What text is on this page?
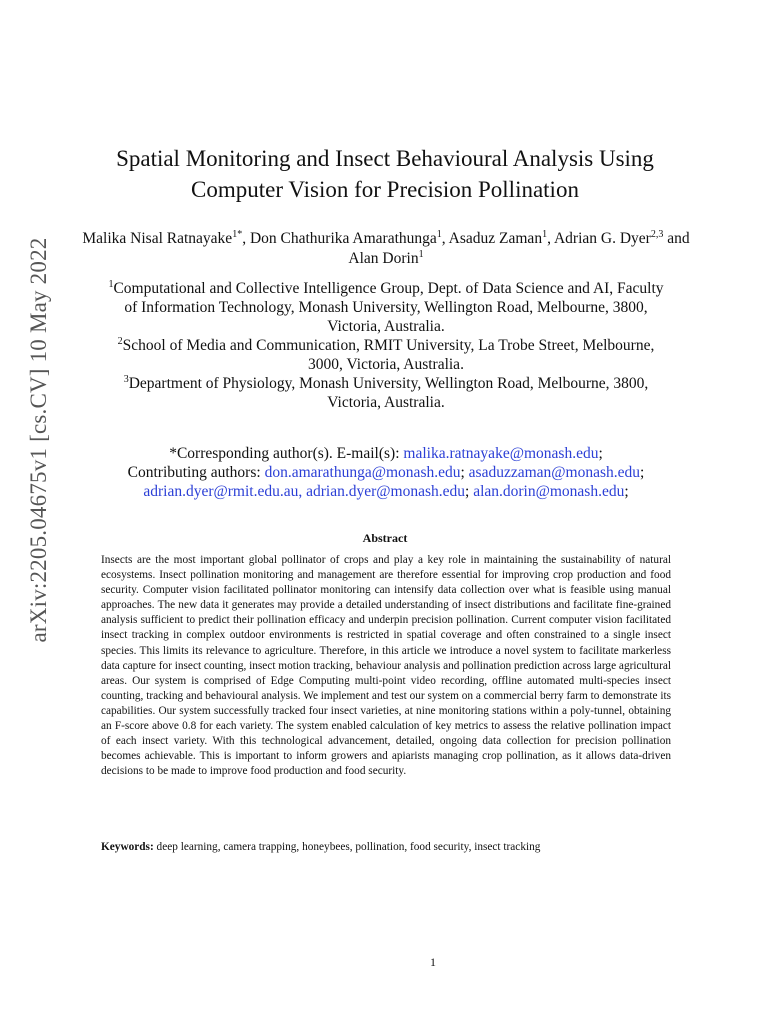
arXiv:2205.04675v1 [cs.CV] 10 May 2022
Spatial Monitoring and Insect Behavioural Analysis Using
Computer Vision for Precision Pollination
Malika Nisal Ratnayake$^{1*}$, Don Chathurika Amarathunga$^1$, Asaduz Zaman$^1$, Adrian G. Dyer$^{2,3}$ and Alan Dorin$^1$
$^1$Computational and Collective Intelligence Group, Dept. of Data Science and AI, Faculty
of Information Technology, Monash University, Wellington Road, Melbourne, 3800,
Victoria, Australia.
$^2$School of Media and Communication, RMIT University, La Trobe Street, Melbourne,
3000, Victoria, Australia.
$^3$Department of Physiology, Monash University, Wellington Road, Melbourne, 3800,
Victoria, Australia.
*Corresponding author(s). E-mail(s): malika.ratnayake@monash.edu;
Contributing authors: don.amarathunga@monash.edu; asaduzzaman@monash.edu;
adrian.dyer@rmit.edu.au, adrian.dyer@monash.edu; alan.dorin@monash.edu;
Abstract

Insects are the most important global pollinator of crops and play a key role in maintaining the sustainability of natural ecosystems. Insect pollination monitoring and management are therefore essential for improving crop production and food security. Computer vision facilitated pollinator monitoring can intensify data collection over what is feasible using manual approaches. The new data it generates may provide a detailed understanding of insect distributions and facilitate fine-grained analysis sufficient to predict their pollination efficacy and underpin precision pollination. Current computer vision facilitated insect tracking in complex outdoor environments is restricted in spatial coverage and often constrained to a single insect species. This limits its relevance to agriculture. Therefore, in this article we introduce a novel system to facilitate markerless data capture for insect counting, insect motion tracking, behaviour analysis and pollination prediction across large agricultural areas. Our system is comprised of Edge Computing multi-point video recording, offline automated multi-species insect counting, tracking and behavioural analysis. We implement and test our system on a commercial berry farm to demonstrate its capabilities. Our system successfully tracked four insect varieties, at nine monitoring stations within a poly-tunnel, obtaining an F-score above 0.8 for each variety. The system enabled calculation of key metrics to assess the relative pollination impact of each insect variety. With this technological advancement, detailed, ongoing data collection for precision pollination becomes achievable. This is important to inform growers and apiarists managing crop pollination, as it allows data-driven decisions to be made to improve food production and food security.

Keywords: deep learning, camera trapping, honeybees, pollination, food security, insect tracking
1
